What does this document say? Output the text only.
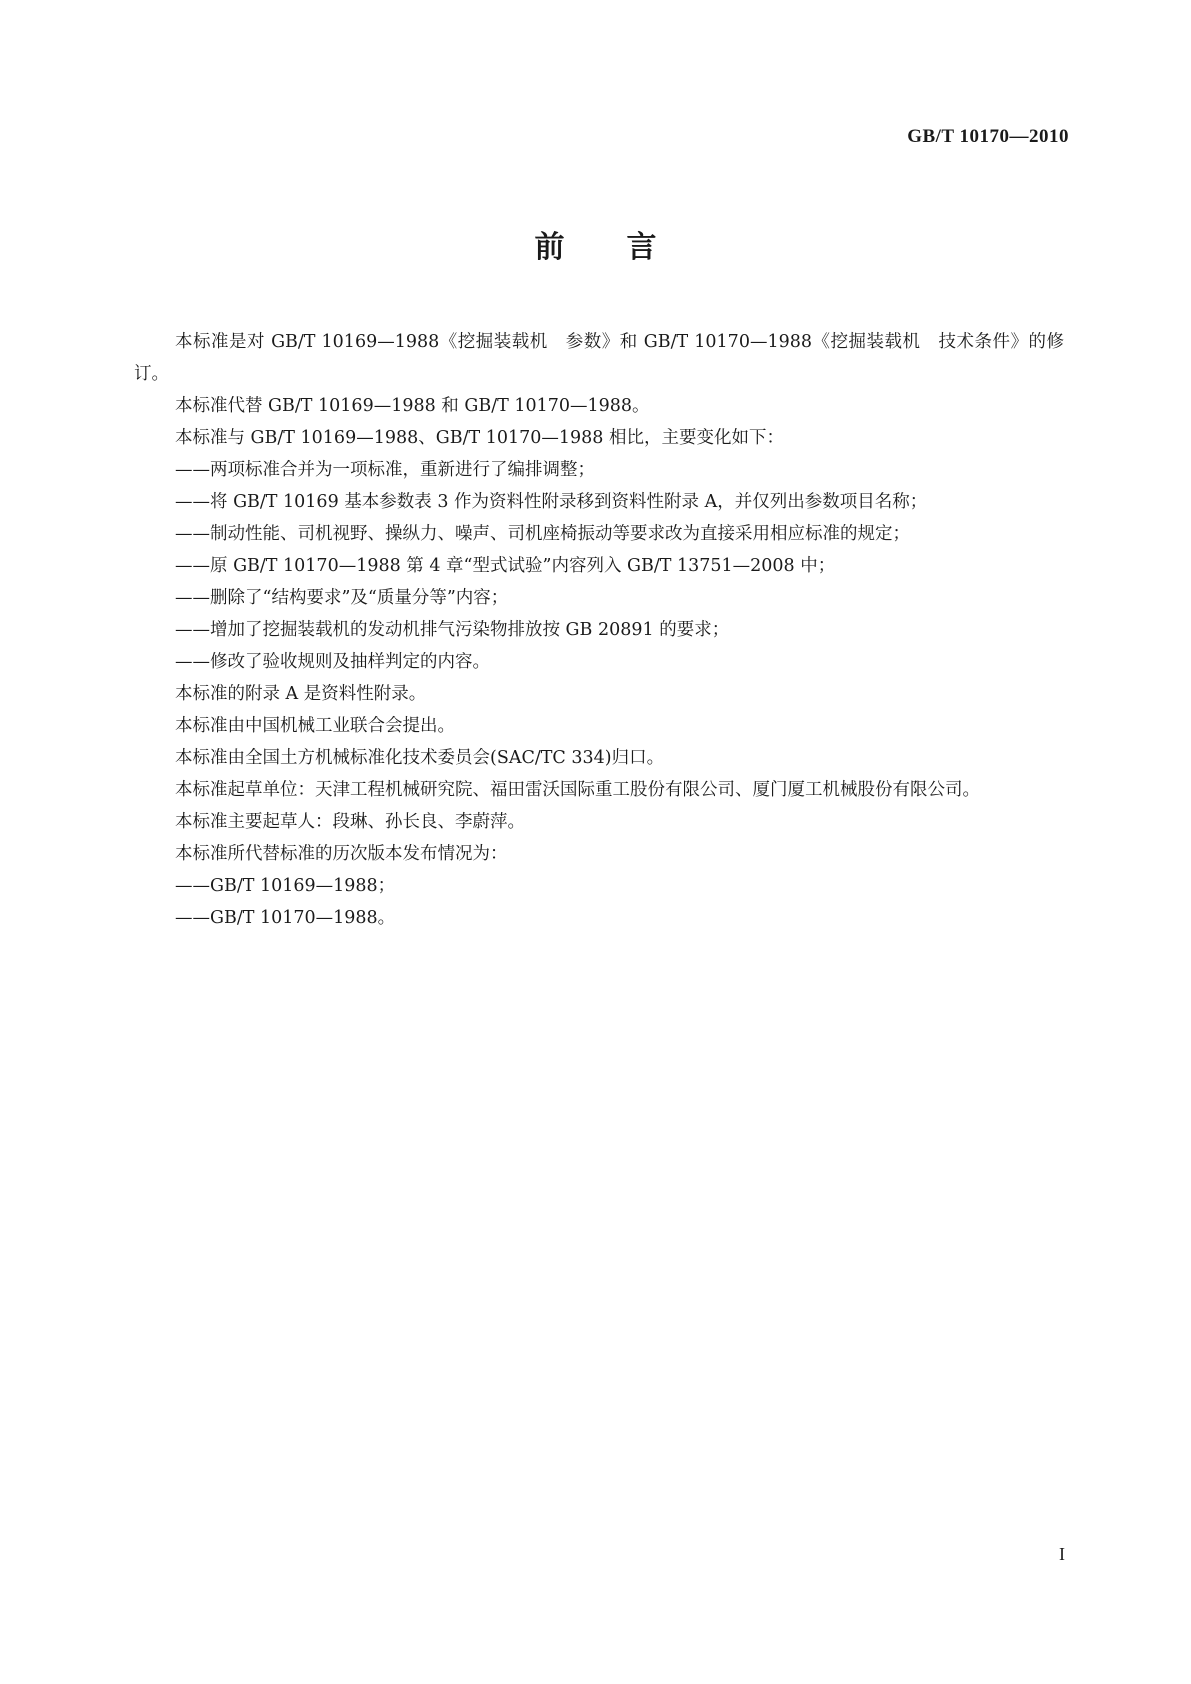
GB/T 10170—2010
前言

本标准是对 GB/T 10169—1988《挖掘装载机　参数》和 GB/T 10170—1988《挖掘装载机　技术条件》的修订。

本标准代替 GB/T 10169—1988 和 GB/T 10170—1988。

本标准与 GB/T 10169—1988、GB/T 10170—1988 相比，主要变化如下：

——两项标准合并为一项标准，重新进行了编排调整；

——将 GB/T 10169 基本参数表 3 作为资料性附录移到资料性附录 A，并仅列出参数项目名称；

——制动性能、司机视野、操纵力、噪声、司机座椅振动等要求改为直接采用相应标准的规定；

——原 GB/T 10170—1988 第 4 章“型式试验”内容列入 GB/T 13751—2008 中；

——删除了“结构要求”及“质量分等”内容；

——增加了挖掘装载机的发动机排气污染物排放按 GB 20891 的要求；

——修改了验收规则及抽样判定的内容。

本标准的附录 A 是资料性附录。

本标准由中国机械工业联合会提出。

本标准由全国土方机械标准化技术委员会(SAC/TC 334)归口。

本标准起草单位：天津工程机械研究院、福田雷沃国际重工股份有限公司、厦门厦工机械股份有限公司。

本标准主要起草人：段琳、孙长良、李蔚萍。

本标准所代替标准的历次版本发布情况为：

——GB/T 10169—1988；

——GB/T 10170—1988。

I
